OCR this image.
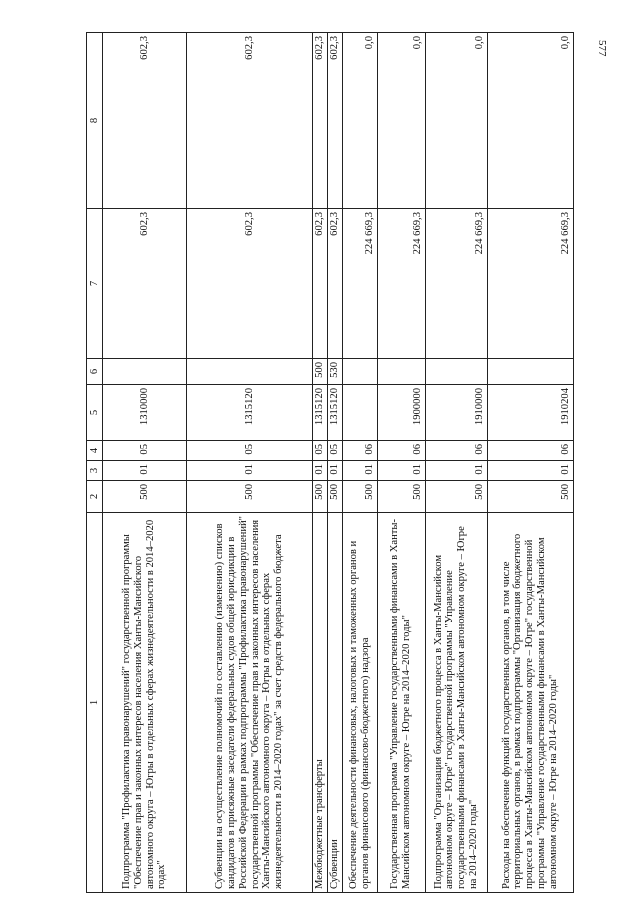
577
1	2	3	4	5	6	7	8
Подпрограмма "Профилактика правонарушений" государственной программы "Обеспечение прав и законных интересов населения Ханты-Мансийского автономного округа – Югры в отдельных сферах жизнедеятельности в 2014–2020 годах"	500	01	05	1310000		602,3	602,3
Субвенции на осуществление полномочий по составлению (изменению) списков кандидатов в присяжные заседатели федеральных судов общей юрисдикции в Российской Федерации в рамках подпрограммы "Профилактика правонарушений" государственной программы "Обеспечение прав и законных интересов населения Ханты-Мансийского автономного округа – Югры в отдельных сферах жизнедеятельности в 2014–2020 годах" за счет средств федерального бюджета	500	01	05	1315120		602,3	602,3
Межбюджетные трансферты	500	01	05	1315120	500	602,3	602,3
Субвенции	500	01	05	1315120	530	602,3	602,3
Обеспечение деятельности финансовых, налоговых и таможенных органов и органов финансового (финансово-бюджетного) надзора	500	01	06			224 669,3	0,0
Государственная программа "Управление государственными финансами в Ханты-Мансийском автономном округе – Югре на 2014–2020 годы"	500	01	06	1900000		224 669,3	0,0
Подпрограмма "Организация бюджетного процесса в Ханты-Мансийском автономном округе – Югре" государственной программы "Управление государственными финансами в Ханты-Мансийском автономном округе – Югре на 2014–2020 годы"	500	01	06	1910000		224 669,3	0,0
Расходы на обеспечение функций государственных органов, в том числе территориальных органов, в рамках подпрограммы "Организация бюджетного процесса в Ханты-Мансийском автономном округе – Югре" государственной программы "Управление государственными финансами в Ханты-Мансийском автономном округе – Югре на 2014–2020 годы"	500	01	06	1910204		224 669,3	0,0
